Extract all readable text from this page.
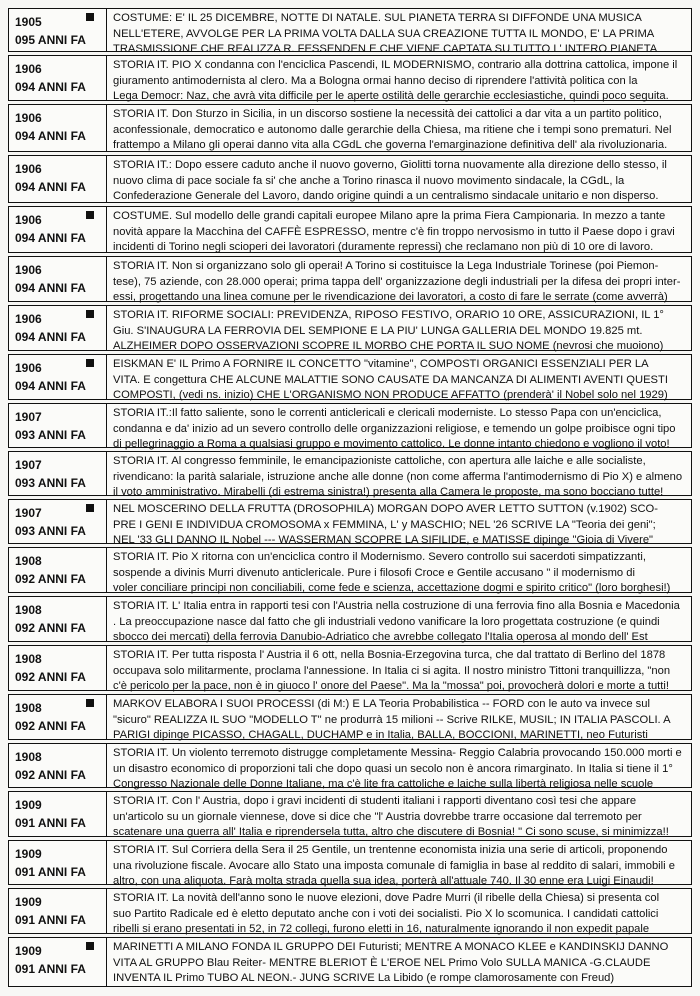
1905
095 ANNI FA
COSTUME: E' IL 25 DICEMBRE, NOTTE DI NATALE. SUL PIANETA TERRA SI DIFFONDE UNA MUSICA
NELL'ETERE, AVVOLGE PER LA PRIMA VOLTA DALLA SUA CREAZIONE TUTTA IL MONDO, E' LA PRIMA
TRASMISSIONE CHE REALIZZA R. FESSENDEN E CHE VIENE CAPTATA SU TUTTO L' INTERO PIANETA
1906
094 ANNI FA
STORIA IT. PIO X condanna con l'enciclica Pascendi, IL MODERNISMO, contrario alla dottrina cattolica, impone il
giuramento antimodernista al clero. Ma a Bologna ormai hanno deciso di riprendere l'attività politica con la
Lega Democr: Naz, che avrà vita difficile per le aperte ostilità delle gerarchie ecclesiastiche, quindi poco seguita.
1906
094 ANNI FA
STORIA IT. Don Sturzo in Sicilia, in un discorso sostiene la necessità dei cattolici a dar vita a un partito politico,
aconfessionale, democratico e autonomo dalle gerarchie della Chiesa, ma ritiene che i tempi sono prematuri. Nel
frattempo a Milano gli operai danno vita alla CGdL che governa l'emarginazione definitiva dell' ala rivoluzionaria.
1906
094 ANNI FA
STORIA IT.: Dopo essere caduto anche il nuovo governo, Giolitti torna nuovamente alla direzione dello stesso, il
nuovo clima di pace sociale fa si' che anche a Torino rinasca il nuovo movimento sindacale, la CGdL, la
Confederazione Generale del Lavoro, dando origine quindi a un centralismo sindacale unitario e non disperso.
1906
094 ANNI FA
COSTUME. Sul modello delle grandi capitali europee Milano apre la prima Fiera Campionaria. In mezzo a tante
novità appare la Macchina del CAFFÈ ESPRESSO, mentre c'è fin troppo nervosismo in tutto il Paese dopo i gravi
incidenti di Torino negli scioperi dei lavoratori (duramente repressi) che reclamano non più di 10 ore di lavoro.
1906
094 ANNI FA
STORIA IT. Non si organizzano solo gli operai! A Torino si costituisce la Lega Industriale Torinese (poi Piemon-
tese), 75 aziende, con 28.000 operai; prima tappa dell' organizzazione degli industriali per la difesa dei propri inter-
essi, progettando una linea comune per le rivendicazione dei lavoratori, a costo di fare le serrate (come avverrà)
1906
094 ANNI FA
STORIA IT. RIFORME SOCIALI: PREVIDENZA, RIPOSO FESTIVO, ORARIO 10 ORE, ASSICURAZIONI, IL 1°
Giu. S'INAUGURA LA FERROVIA DEL SEMPIONE E LA PIU' LUNGA GALLERIA DEL MONDO 19.825 mt.
ALZHEIMER DOPO OSSERVAZIONI SCOPRE IL MORBO CHE PORTA IL SUO NOME (nevrosi che muoiono)
1906
094 ANNI FA
EISKMAN E' IL Primo A FORNIRE IL CONCETTO "vitamine", COMPOSTI ORGANICI ESSENZIALI PER LA
VITA. E congettura CHE ALCUNE MALATTIE SONO CAUSATE DA MANCANZA DI ALIMENTI AVENTI QUESTI
COMPOSTI, (vedi ns. inizio) CHE L'ORGANISMO NON PRODUCE AFFATTO (prenderà' il Nobel solo nel 1929)
1907
093 ANNI FA
STORIA IT.:Il fatto saliente, sono le correnti anticlericali e clericali moderniste. Lo stesso Papa con un'enciclica,
condanna e da' inizio ad un severo controllo delle organizzazioni religiose, e temendo un golpe proibisce ogni tipo
di pellegrinaggio a Roma a qualsiasi gruppo e movimento cattolico. Le donne intanto chiedono e vogliono il voto!
1907
093 ANNI FA
STORIA IT. Al congresso femminile, le emancipazioniste cattoliche, con apertura alle laiche e alle socialiste,
rivendicano: la parità salariale, istruzione anche alle donne (non come afferma l'antimodernismo di Pio X) e almeno
il voto amministrativo. Mirabelli (di estrema sinistra!) presenta alla Camera le proposte, ma sono bocciano tutte!
1907
093 ANNI FA
NEL MOSCERINO DELLA FRUTTA (DROSOPHILA) MORGAN DOPO AVER LETTO SUTTON (v.1902) SCO-
PRE I GENI E INDIVIDUA CROMOSOMA x FEMMINA, L' y MASCHIO; NEL '26 SCRIVE LA "Teoria dei geni";
NEL '33 GLI DANNO IL Nobel --- WASSERMAN SCOPRE LA SIFILIDE, e MATISSE dipinge "Gioia di Vivere"
1908
092 ANNI FA
STORIA IT. Pio X ritorna con un'enciclica contro il Modernismo. Severo controllo sui sacerdoti simpatizzanti,
sospende a divinis Murri divenuto anticlericale. Pure i filosofi Croce e Gentile accusano " il modernismo di
voler conciliare principi non conciliabili, come fede e scienza, accettazione dogmi e spirito critico" (loro borghesi!)
1908
092 ANNI FA
STORIA IT. L' Italia entra in rapporti tesi con l'Austria nella costruzione di una ferrovia fino alla Bosnia e Macedonia
. La preoccupazione nasce dal fatto che gli industriali vedono vanificare la loro progettata costruzione (e quindi
sbocco dei mercati) della ferrovia Danubio-Adriatico che avrebbe collegato l'Italia operosa al mondo dell' Est
1908
092 ANNI FA
STORIA IT. Per tutta risposta l' Austria il 6 ott, nella Bosnia-Erzegovina turca, che dal trattato di Berlino del 1878
occupava solo militarmente, proclama l'annessione. In Italia ci si agita. Il nostro ministro Tittoni tranquillizza, "non
c'è pericolo per la pace, non è in giuoco l' onore del Paese". Ma la "mossa" poi, provocherà dolori e morte a tutti!
1908
092 ANNI FA
MARKOV ELABORA I SUOI PROCESSI (di M:) E LA Teoria Probabilistica -- FORD con le auto va invece sul
"sicuro" REALIZZA IL SUO "MODELLO T" ne produrrà 15 milioni -- Scrive RILKE, MUSIL; IN ITALIA PASCOLI. A
PARIGI dipinge PICASSO, CHAGALL, DUCHAMP e in Italia, BALLA, BOCCIONI, MARINETTI, neo Futuristi
1908
092 ANNI FA
STORIA IT. Un violento terremoto distrugge completamente Messina- Reggio Calabria provocando 150.000 morti e
un disastro economico di proporzioni tali che dopo quasi un secolo non è ancora rimarginato. In Italia si tiene il 1°
Congresso Nazionale delle Donne Italiane, ma c'è lite fra cattoliche e laiche sulla libertà religiosa nelle scuole
1909
091 ANNI FA
STORIA IT. Con l' Austria, dopo i gravi incidenti di studenti italiani i rapporti diventano così tesi che appare
un'articolo su un giornale viennese, dove si dice che "l' Austria dovrebbe trarre occasione dal terremoto per
scatenare una guerra all' Italia e riprendersela tutta, altro che discutere di Bosnia! " Ci sono scuse, si minimizza!!
1909
091 ANNI FA
STORIA IT. Sul Corriera della Sera il 25 Gentile, un trentenne economista inizia una serie di articoli, proponendo
una rivoluzione fiscale. Avocare allo Stato una imposta comunale di famiglia in base al reddito di salari, immobili e
altro, con una aliquota. Farà molta strada quella sua idea, porterà all'attuale 740. Il 30 enne era Luigi Einaudi!
1909
091 ANNI FA
STORIA IT. La novità dell'anno sono le nuove elezioni, dove Padre Murri (il ribelle della Chiesa) si presenta col
suo Partito Radicale ed è eletto deputato anche con i voti dei socialisti. Pio X lo scomunica. I candidati cattolici
ribelli si erano presentati in 52, in 72 collegi, furono eletti in 16, naturalmente ignorando il non expedit papale
1909
091 ANNI FA
MARINETTI A MILANO FONDA IL GRUPPO DEI Futuristi; MENTRE A MONACO KLEE e KANDINSKIJ DANNO
VITA AL GRUPPO Blau Reiter- MENTRE BLERIOT È L'EROE NEL Primo Volo SULLA MANICA -G.CLAUDE
INVENTA IL Primo TUBO AL NEON.- JUNG SCRIVE La Libido (e rompe clamorosamente con Freud)
